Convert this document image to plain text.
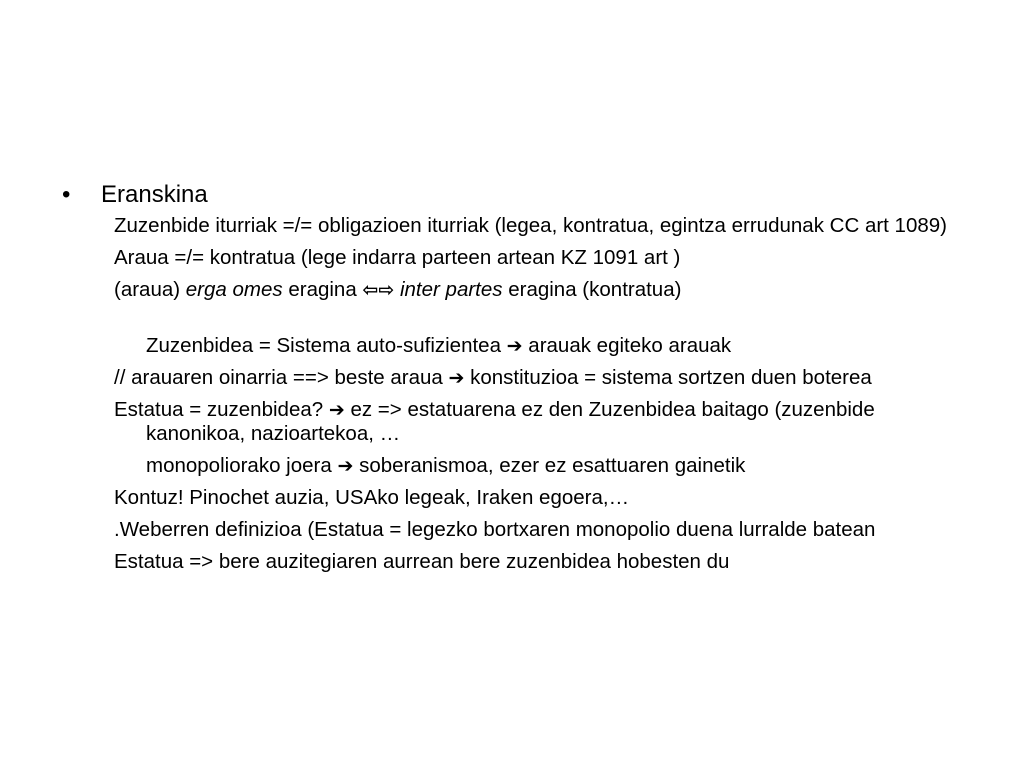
•	Eranskina

Zuzenbide iturriak =/= obligazioen iturriak (legea, kontratua, egintza errudunak CC art 1089)

Araua =/= kontratua (lege indarra parteen artean KZ 1091 art )

(araua) erga omes eragina ⇦⇨ inter partes eragina (kontratua)

Zuzenbidea = Sistema auto-sufizientea ➔ arauak egiteko arauak

// arauaren oinarria ==> beste araua ➔ konstituzioa = sistema sortzen duen boterea

Estatua = zuzenbidea? ➔ ez => estatuarena ez den Zuzenbidea baitago (zuzenbide kanonikoa, nazioartekoa, …

monopoliorako joera ➔ soberanismoa, ezer ez esattuaren gainetik

Kontuz! Pinochet auzia, USAko legeak, Iraken egoera,…

.Weberren definizioa (Estatua = legezko bortxaren monopolio duena lurralde batean

Estatua => bere auzitegiaren aurrean bere zuzenbidea hobesten du
